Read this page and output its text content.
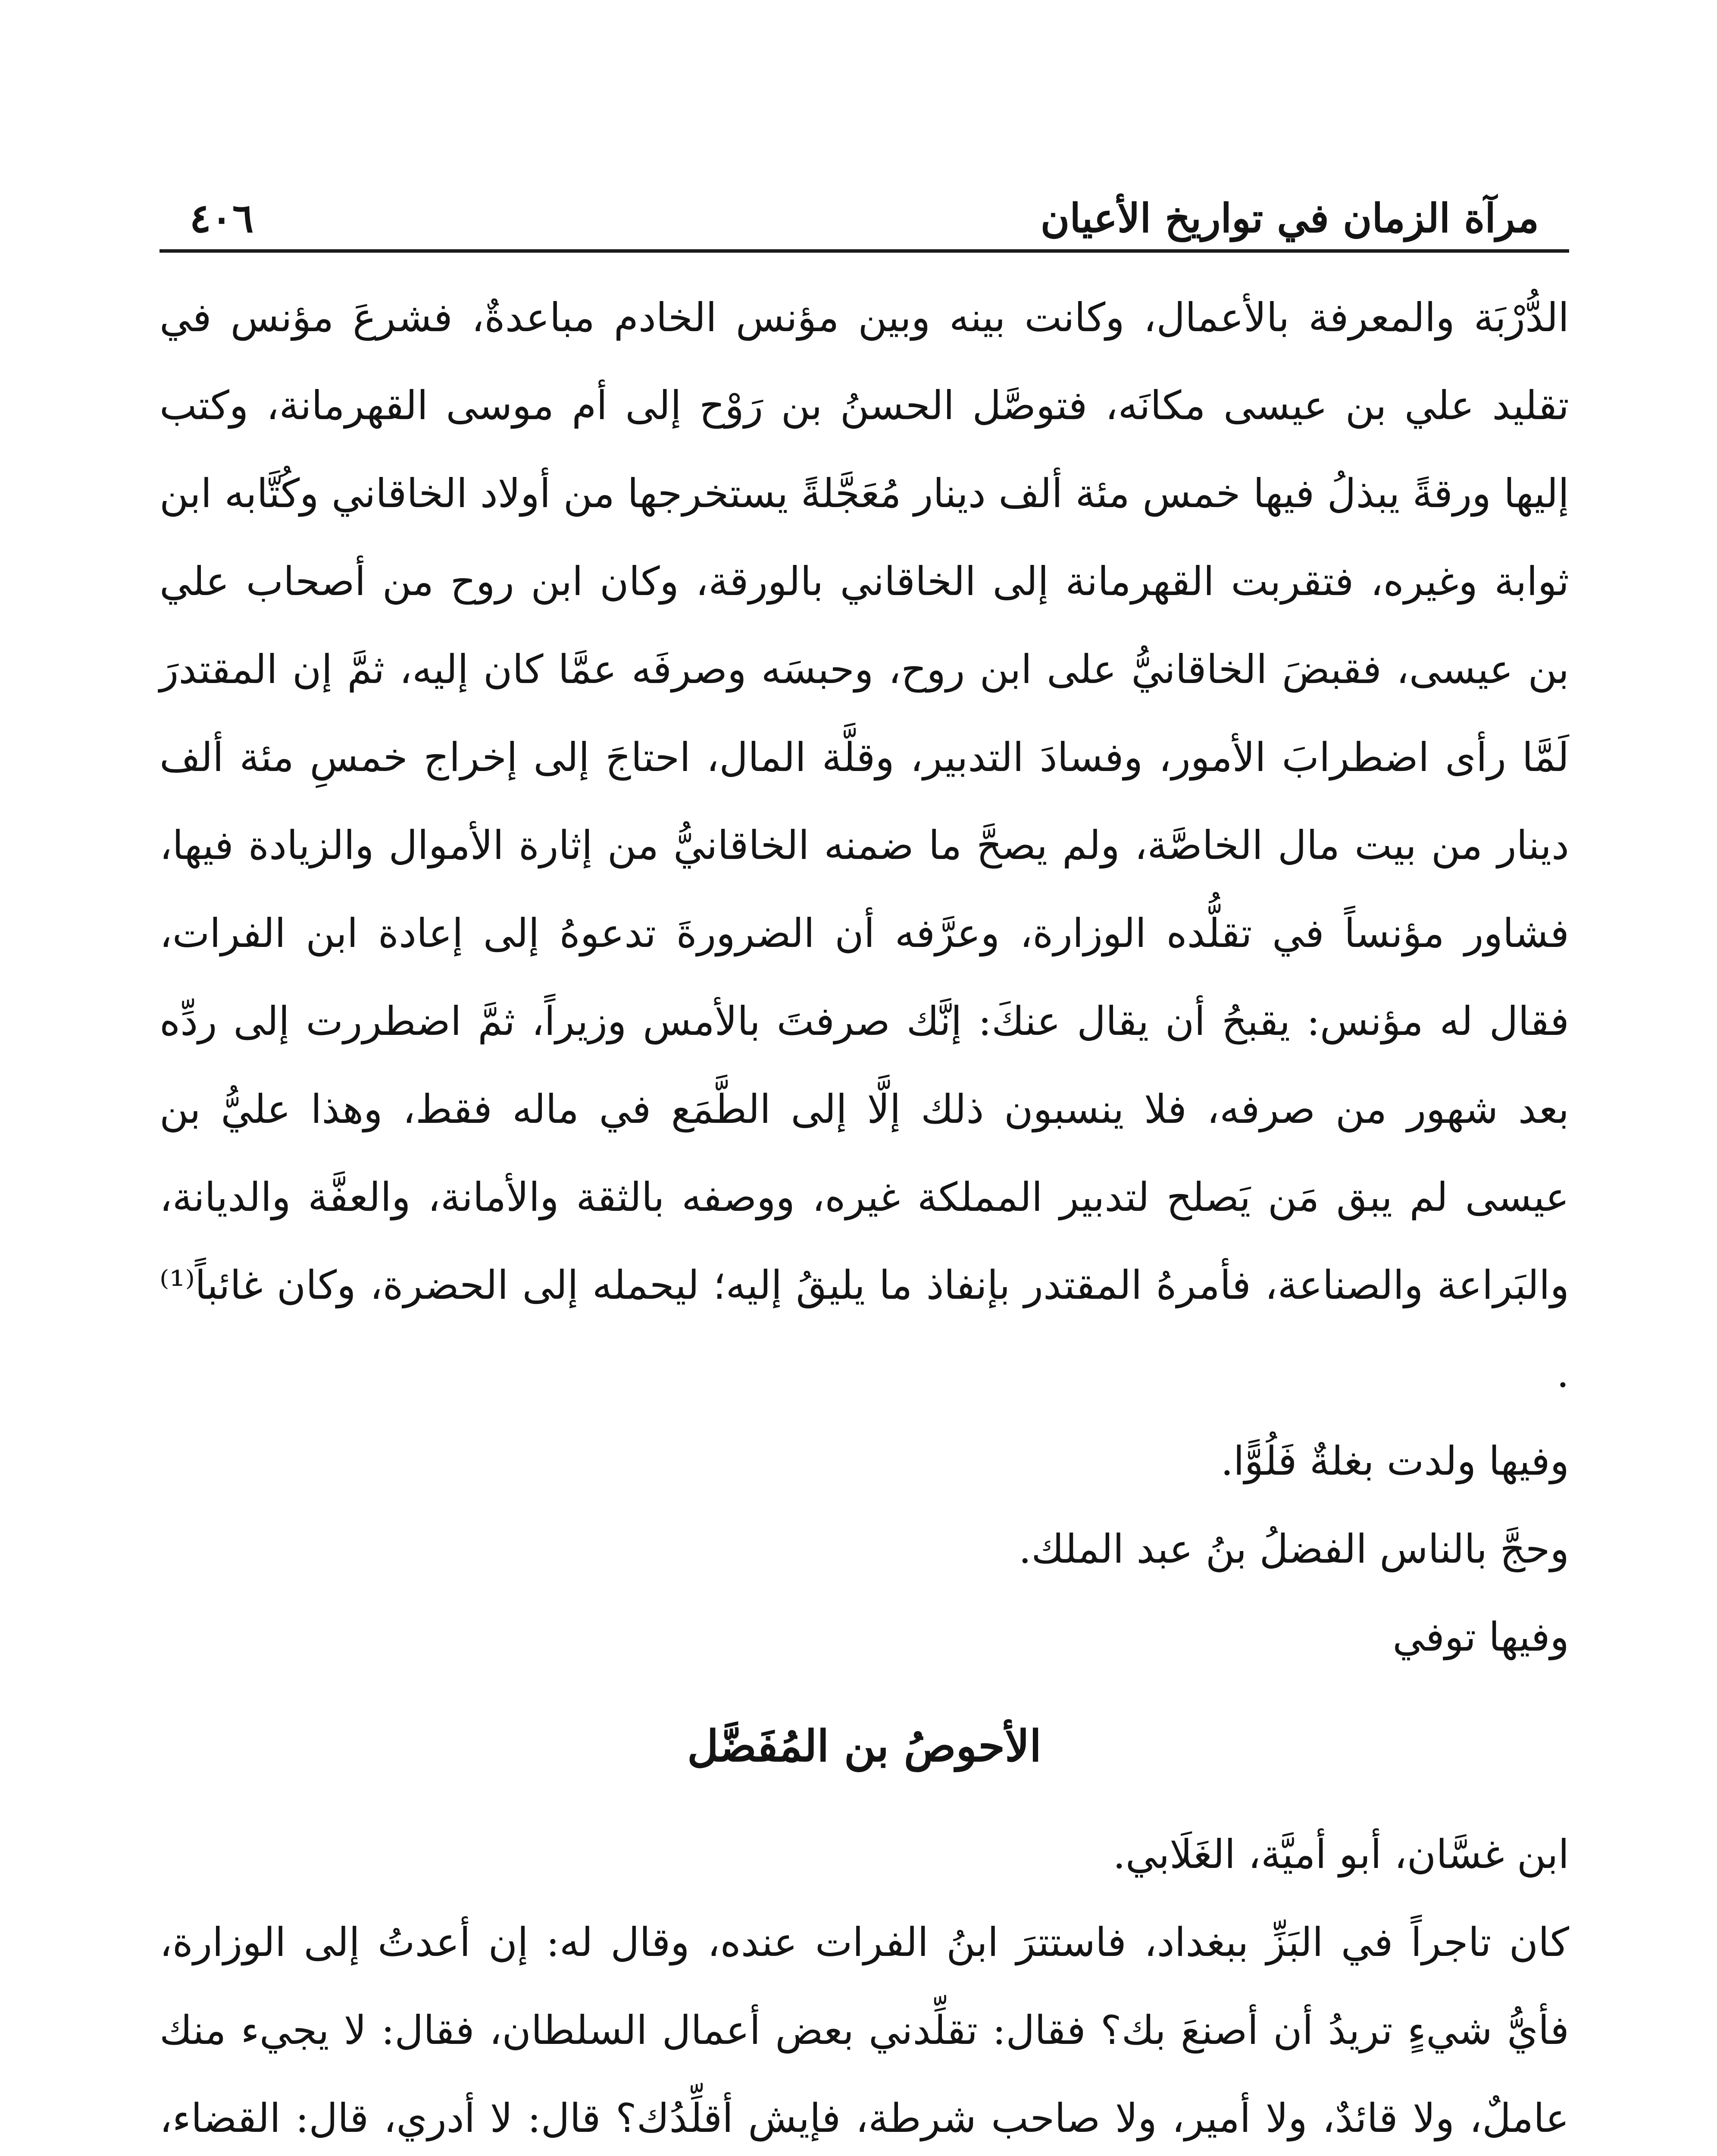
مرآة الزمان في تواريخ الأعيان
٤٠٦

الدُّرْبَة والمعرفة بالأعمال، وكانت بينه وبين مؤنس الخادم مباعدةٌ، فشرعَ مؤنس في تقليد علي بن عيسى مكانَه، فتوصَّل الحسنُ بن رَوْح إلى أم موسى القهرمانة، وكتب إليها ورقةً يبذلُ فيها خمس مئة ألف دينار مُعَجَّلةً يستخرجها من أولاد الخاقاني وكُتَّابه ابن ثوابة وغيره، فتقربت القهرمانة إلى الخاقاني بالورقة، وكان ابن روح من أصحاب علي بن عيسى، فقبضَ الخاقانيُّ على ابن روح، وحبسَه وصرفَه عمَّا كان إليه، ثمَّ إن المقتدرَ لَمَّا رأى اضطرابَ الأمور، وفسادَ التدبير، وقلَّة المال، احتاجَ إلى إخراج خمسِ مئة ألف دينار من بيت مال الخاصَّة، ولم يصحَّ ما ضمنه الخاقانيُّ من إثارة الأموال والزيادة فيها، فشاور مؤنساً في تقلُّده الوزارة، وعرَّفه أن الضرورةَ تدعوهُ إلى إعادة ابن الفرات، فقال له مؤنس: يقبحُ أن يقال عنكَ: إنَّك صرفتَ بالأمس وزيراً، ثمَّ اضطررت إلى ردِّه بعد شهور من صرفه، فلا ينسبون ذلك إلَّا إلى الطَّمَع في ماله فقط، وهذا عليُّ بن عيسى لم يبق مَن يَصلح لتدبير المملكة غيره، ووصفه بالثقة والأمانة، والعفَّة والديانة، والبَراعة والصناعة، فأمرهُ المقتدر بإنفاذ ما يليقُ إليه؛ ليحمله إلى الحضرة، وكان غائباً⁽¹⁾ .

وفيها ولدت بغلةٌ فَلُوًّا.

وحجَّ بالناس الفضلُ بنُ عبد الملك.

وفيها توفي

الأحوصُ بن المُفَضَّل

ابن غسَّان، أبو أميَّة، الغَلَابي.

كان تاجراً في البَزِّ ببغداد، فاستترَ ابنُ الفرات عنده، وقال له: إن أعدتُ إلى الوزارة، فأيُّ شيءٍ تريدُ أن أصنعَ بك؟ فقال: تقلِّدني بعض أعمال السلطان، فقال: لا يجيء منك عاملٌ، ولا قائدٌ، ولا أمير، ولا صاحب شرطة، فإيش أقلِّدُك؟ قال: لا أدري، قال: القضاء،
